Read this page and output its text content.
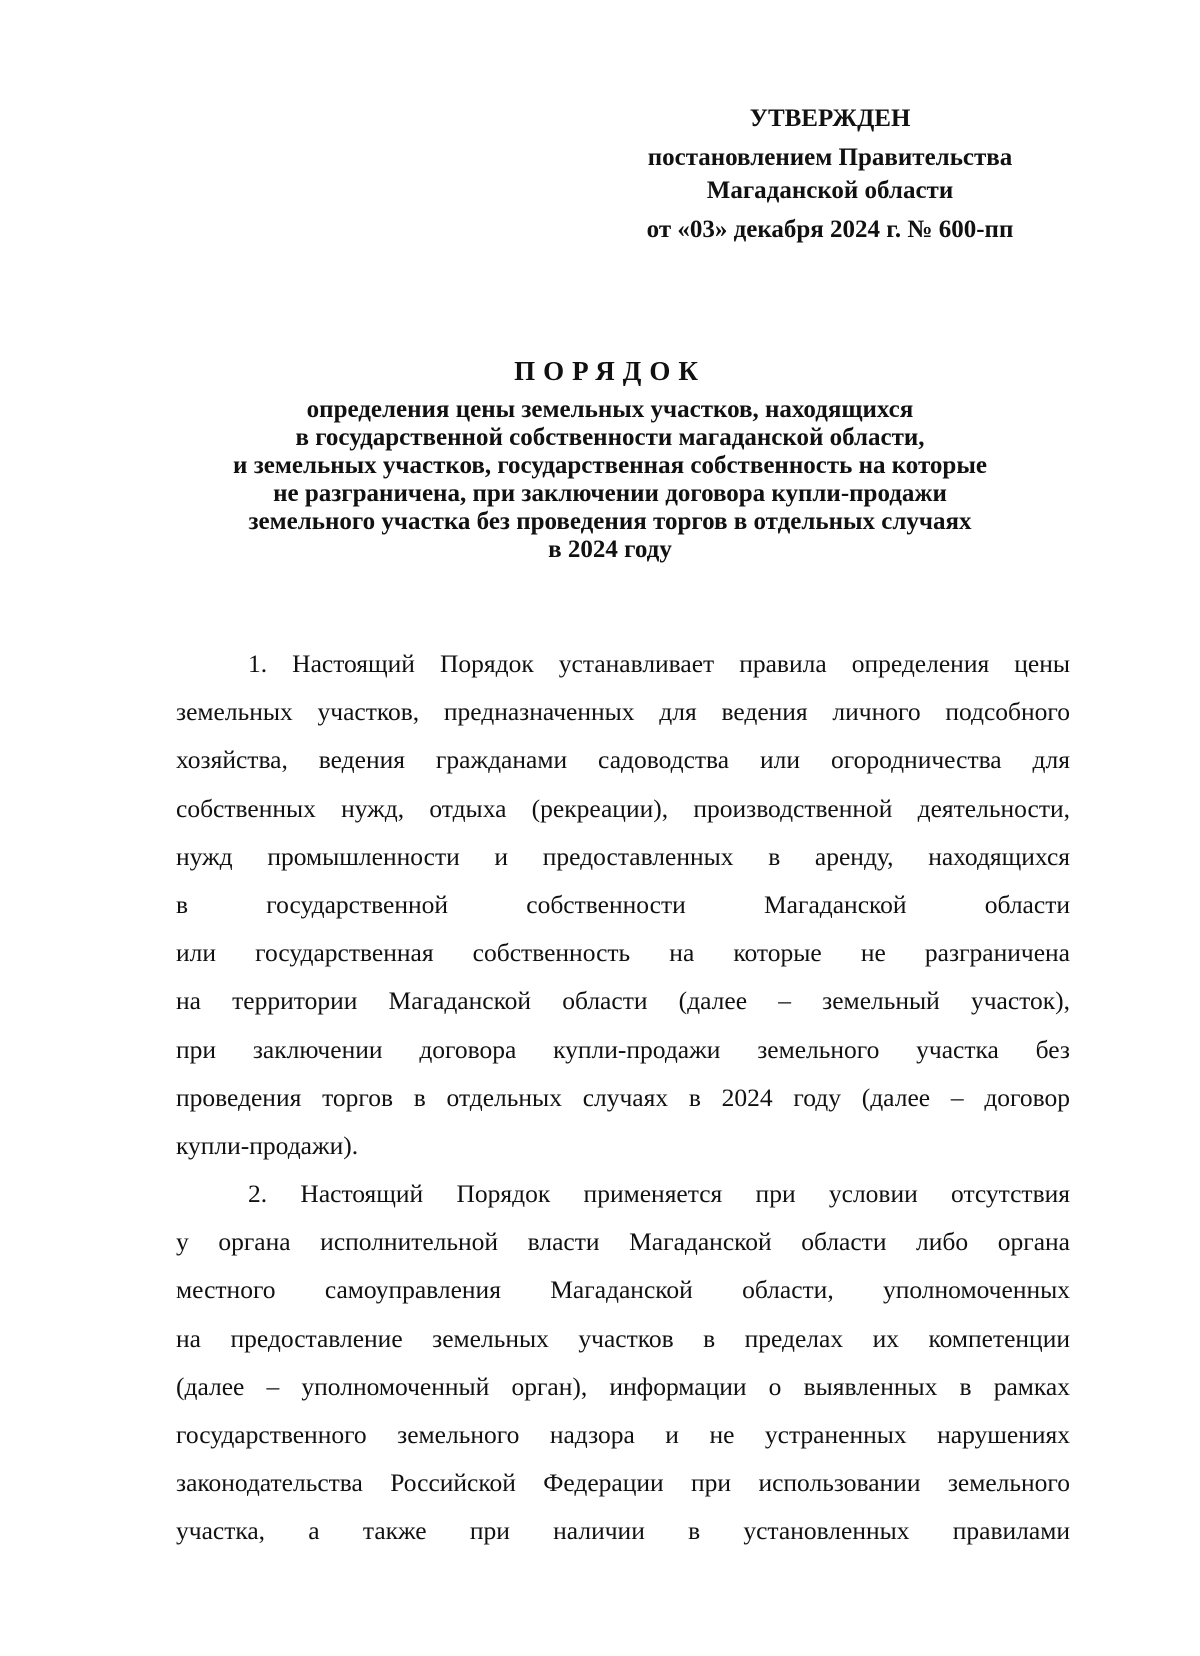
УТВЕРЖДЕН
постановлением Правительства
Магаданской области
от «03» декабря 2024 г. № 600-пп
ПОРЯДОК
определения цены земельных участков, находящихся
в государственной собственности магаданской области,
и земельных участков, государственная собственность на которые
не разграничена, при заключении договора купли-продажи
земельного участка без проведения торгов в отдельных случаях
в 2024 году
1. Настоящий Порядок устанавливает правила определения цены
земельных участков, предназначенных для ведения личного подсобного
хозяйства, ведения гражданами садоводства или огородничества для
собственных нужд, отдыха (рекреации), производственной деятельности,
нужд промышленности и предоставленных в аренду, находящихся
в государственной собственности Магаданской области
или государственная собственность на которые не разграничена
на территории Магаданской области (далее – земельный участок),
при заключении договора купли-продажи земельного участка без
проведения торгов в отдельных случаях в 2024 году (далее – договор
купли-продажи).
2. Настоящий Порядок применяется при условии отсутствия
у органа исполнительной власти Магаданской области либо органа
местного самоуправления Магаданской области, уполномоченных
на предоставление земельных участков в пределах их компетенции
(далее – уполномоченный орган), информации о выявленных в рамках
государственного земельного надзора и не устраненных нарушениях
законодательства Российской Федерации при использовании земельного
участка, а также при наличии в установленных правилами
